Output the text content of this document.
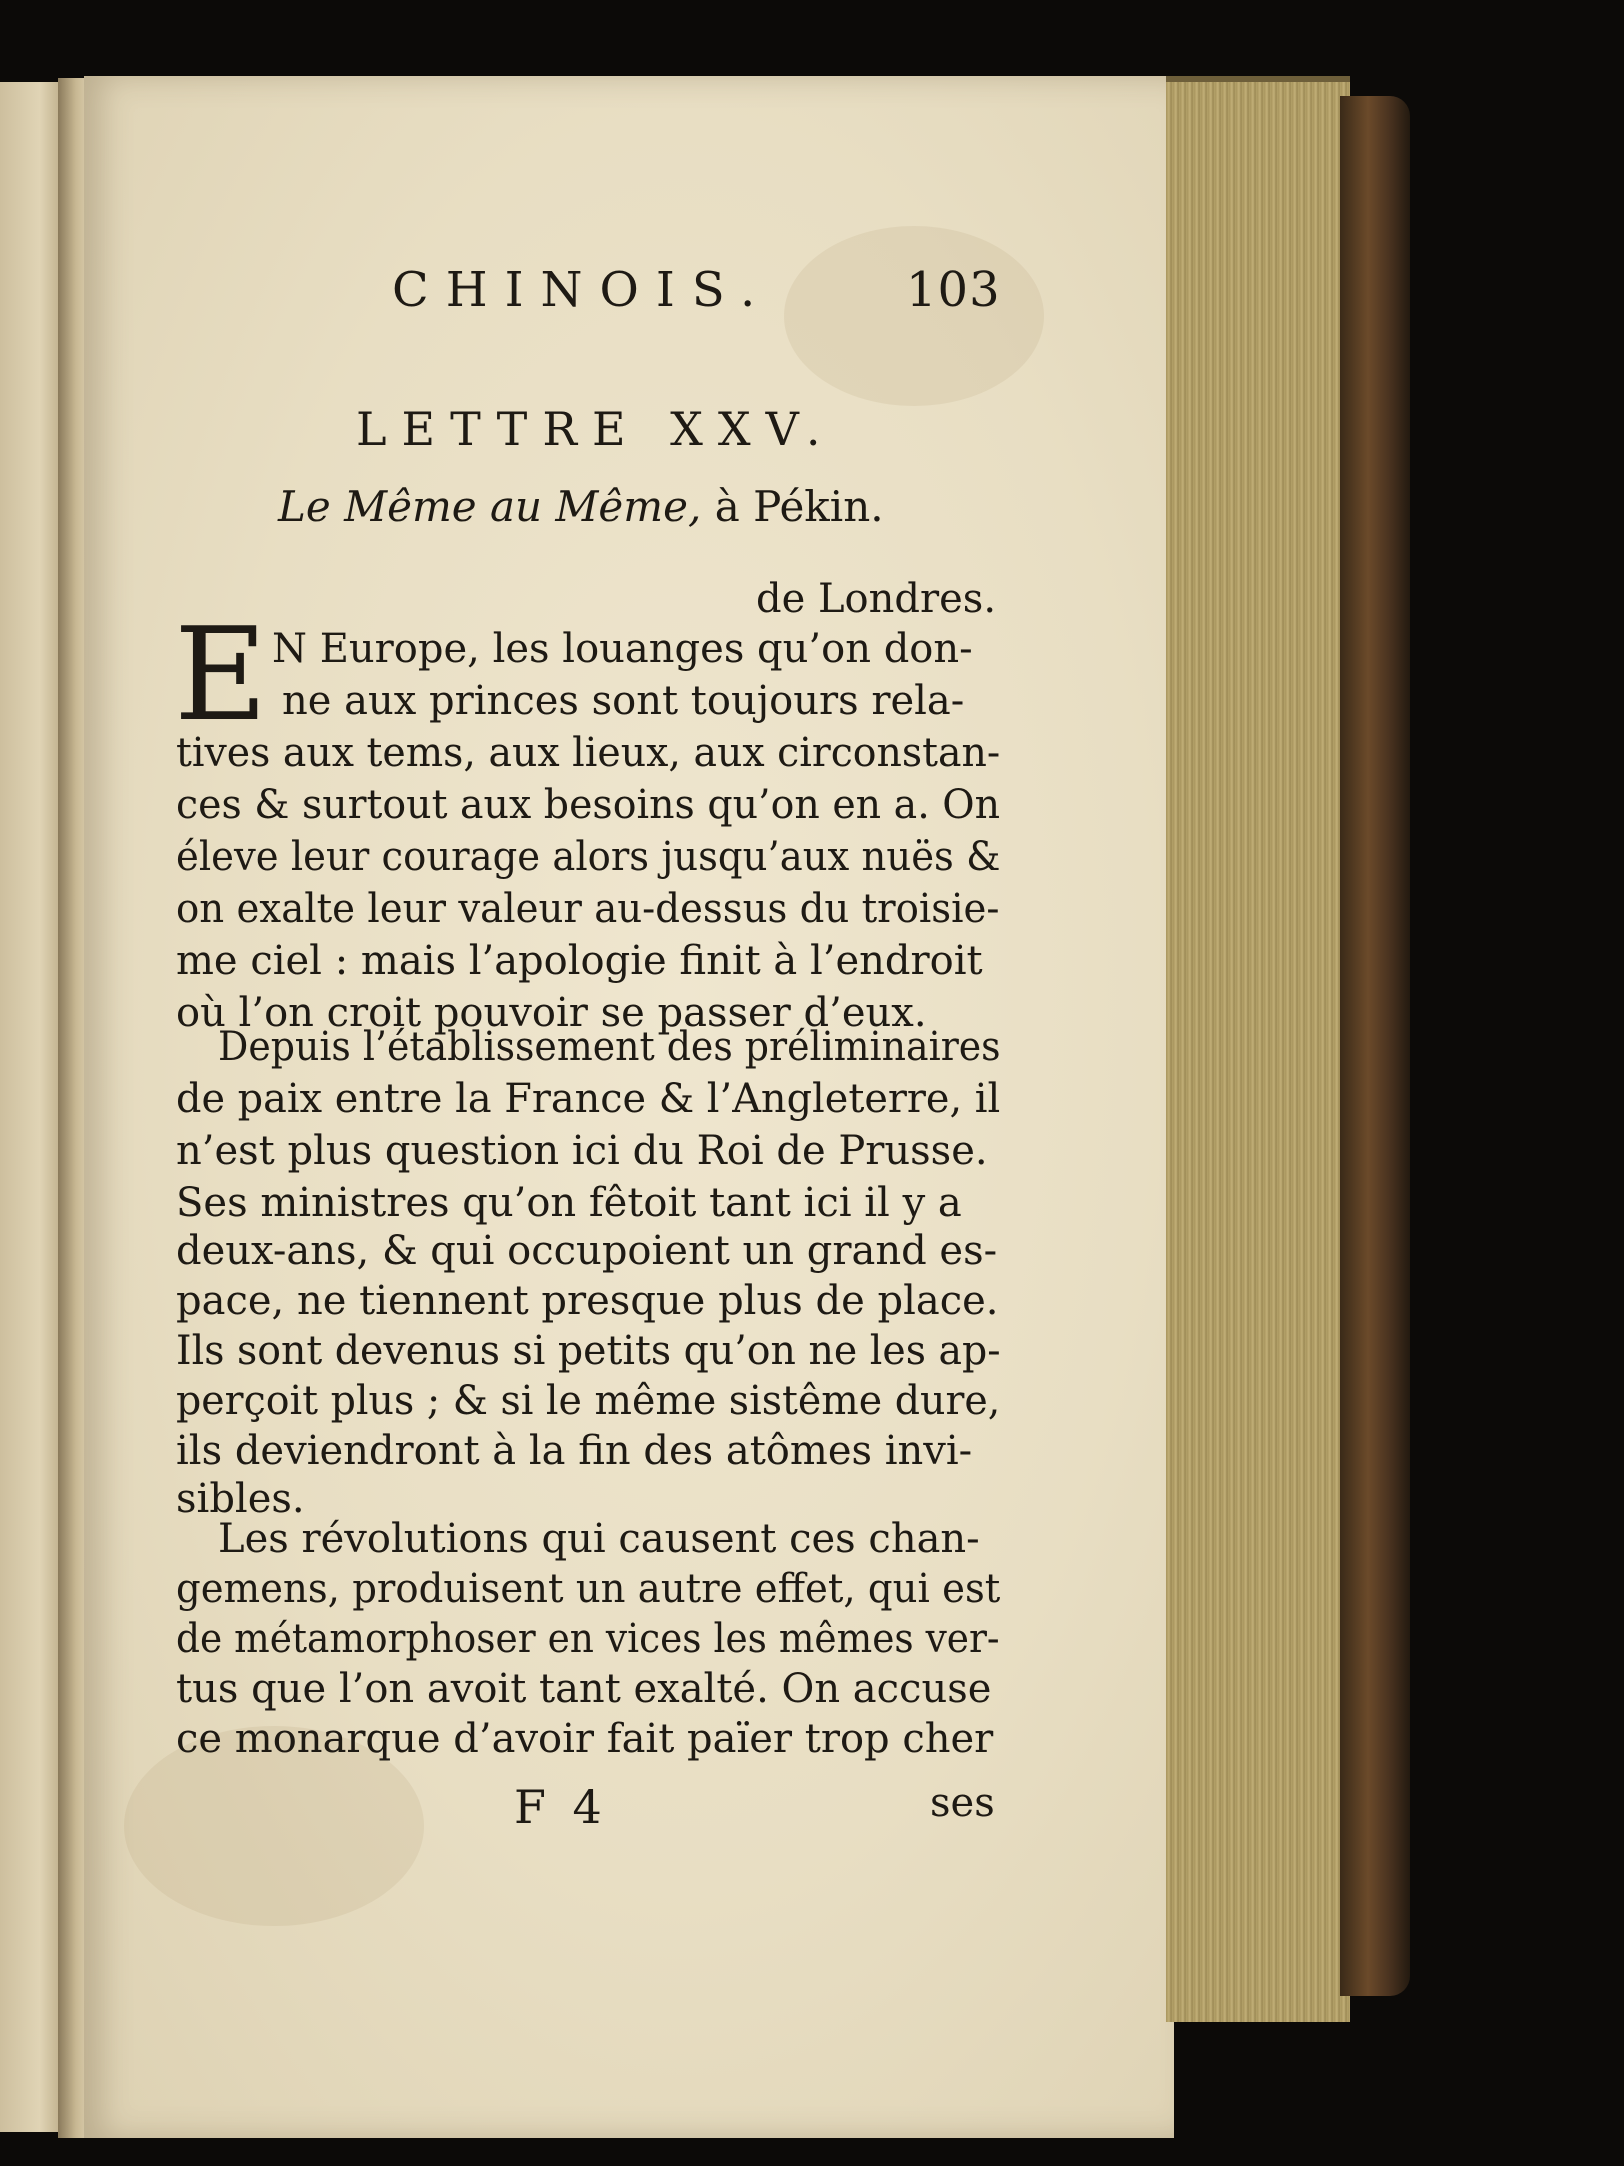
CHINOIS.	103
LETTRE XXV.
Le Même au Même, à Pékin.
de Londres.
E N Europe, les louanges qu’on don-
ne aux princes sont toujours rela-
tives aux tems, aux lieux, aux circonstan-
ces & surtout aux besoins qu’on en a. On
éleve leur courage alors jusqu’aux nuës &
on exalte leur valeur au-dessus du troisie-
me ciel : mais l’apologie finit à l’endroit
où l’on croit pouvoir se passer d’eux.
Depuis l’établissement des préliminaires
de paix entre la France & l’Angleterre, il
n’est plus question ici du Roi de Prusse.
Ses ministres qu’on fêtoit tant ici il y a
deux-ans, & qui occupoient un grand es-
pace, ne tiennent presque plus de place.
Ils sont devenus si petits qu’on ne les ap-
perçoit plus ; & si le même sistême dure,
ils deviendront à la fin des atômes invi-
sibles.
Les révolutions qui causent ces chan-
gemens, produisent un autre effet, qui est
de métamorphoser en vices les mêmes ver-
tus que l’on avoit tant exalté. On accuse
ce monarque d’avoir fait païer trop cher
F 4	ses
